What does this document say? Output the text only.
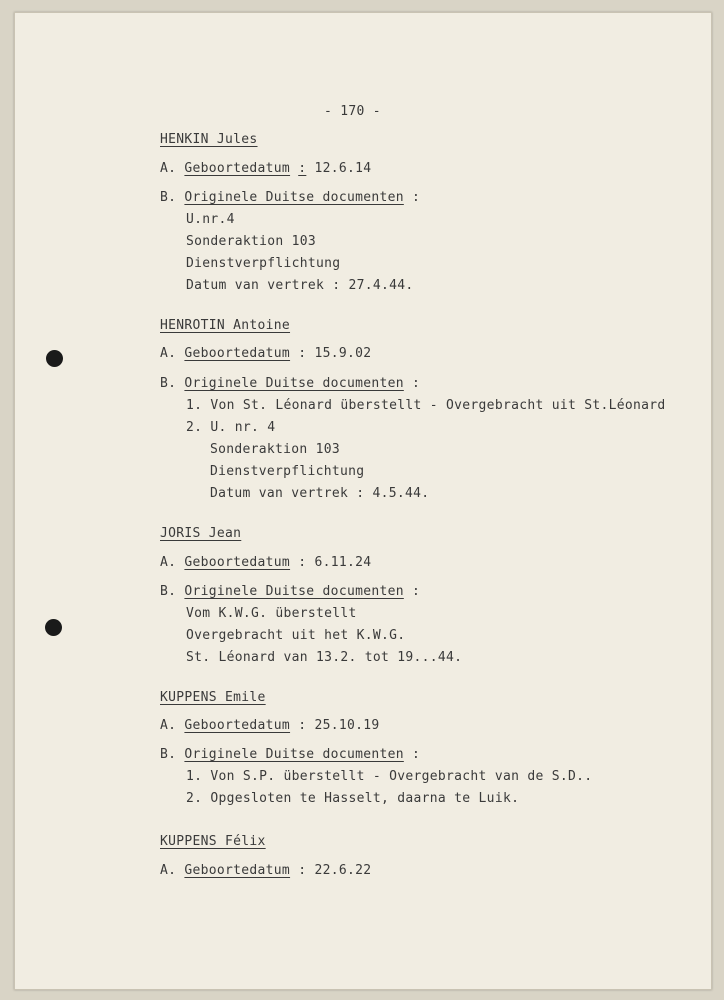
- 170 -
HENKIN Jules
A. Geboortedatum : 12.6.14
B. Originele Duitse documenten :
U.nr.4
Sonderaktion 103
Dienstverpflichtung
Datum van vertrek : 27.4.44.
HENROTIN Antoine
A. Geboortedatum : 15.9.02
B. Originele Duitse documenten :
1. Von St. Léonard überstellt - Overgebracht uit St.Léonard
2. U. nr. 4
Sonderaktion 103
Dienstverpflichtung
Datum van vertrek : 4.5.44.
JORIS Jean
A. Geboortedatum : 6.11.24
B. Originele Duitse documenten :
Vom K.W.G. überstellt
Overgebracht uit het K.W.G.
St. Léonard van 13.2. tot 19...44.
KUPPENS Emile
A. Geboortedatum : 25.10.19
B. Originele Duitse documenten :
1. Von S.P. überstellt - Overgebracht van de S.D..
2. Opgesloten te Hasselt, daarna te Luik.
KUPPENS Félix
A. Geboortedatum : 22.6.22
